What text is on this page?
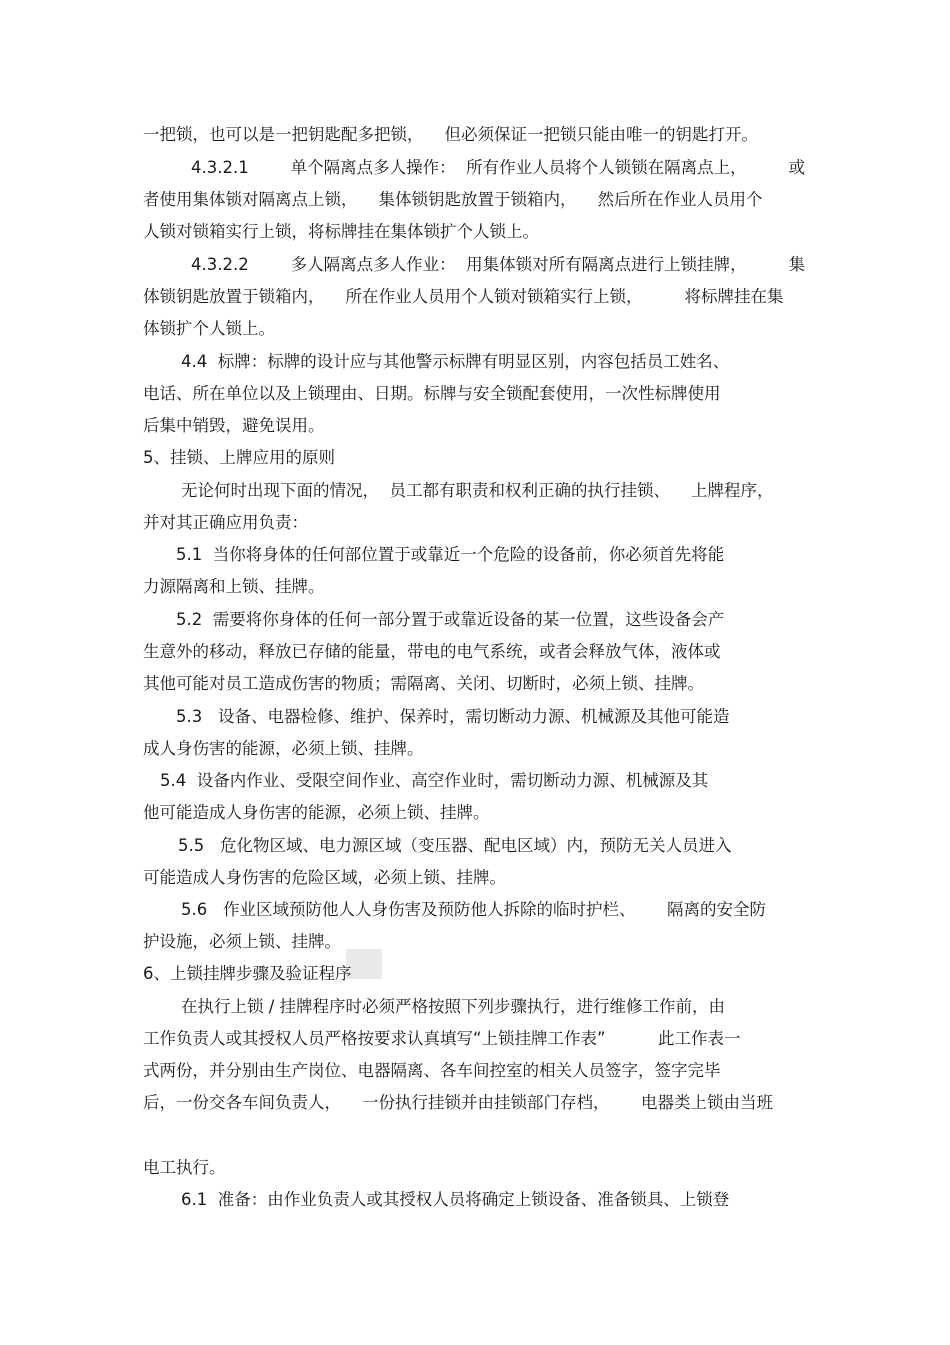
一把锁，也可以是一把钥匙配多把锁，    但必须保证一把锁只能由唯一的钥匙打开。

4.3.2.1        单个隔离点多人操作：  所有作业人员将个人锁锁在隔离点上，        或

者使用集体锁对隔离点上锁，    集体锁钥匙放置于锁箱内，    然后所在作业人员用个

人锁对锁箱实行上锁，将标牌挂在集体锁扩个人锁上。

4.3.2.2        多人隔离点多人作业：  用集体锁对所有隔离点进行上锁挂牌，        集

体锁钥匙放置于锁箱内，    所在作业人员用个人锁对锁箱实行上锁，        将标牌挂在集

体锁扩个人锁上。

4.4  标牌：标牌的设计应与其他警示标牌有明显区别，内容包括员工姓名、

电话、所在单位以及上锁理由、日期。标牌与安全锁配套使用，一次性标牌使用

后集中销毁，避免误用。

5、挂锁、上牌应用的原则

无论何时出现下面的情况，  员工都有职责和权利正确的执行挂锁、    上牌程序，

并对其正确应用负责：

5.1  当你将身体的任何部位置于或靠近一个危险的设备前，你必须首先将能

力源隔离和上锁、挂牌。

5.2  需要将你身体的任何一部分置于或靠近设备的某一位置，这些设备会产

生意外的移动，释放已存储的能量，带电的电气系统，或者会释放气体，液体或

其他可能对员工造成伤害的物质；需隔离、关闭、切断时，必须上锁、挂牌。

5.3   设备、电器检修、维护、保养时，需切断动力源、机械源及其他可能造

成人身伤害的能源，必须上锁、挂牌。

5.4  设备内作业、受限空间作业、高空作业时，需切断动力源、机械源及其

他可能造成人身伤害的能源，必须上锁、挂牌。

5.5   危化物区域、电力源区域（变压器、配电区域）内，预防无关人员进入

可能造成人身伤害的危险区域，必须上锁、挂牌。

5.6   作业区域预防他人人身伤害及预防他人拆除的临时护栏、      隔离的安全防

护设施，必须上锁、挂牌。

6、上锁挂牌步骤及验证程序

在执行上锁 / 挂牌程序时必须严格按照下列步骤执行，进行维修工作前，由

工作负责人或其授权人员严格按要求认真填写“上锁挂牌工作表”          此工作表一

式两份，并分别由生产岗位、电器隔离、各车间控室的相关人员签字，签字完毕

后，一份交各车间负责人，    一份执行挂锁并由挂锁部门存档，      电器类上锁由当班

电工执行。

6.1  准备：由作业负责人或其授权人员将确定上锁设备、准备锁具、上锁登
